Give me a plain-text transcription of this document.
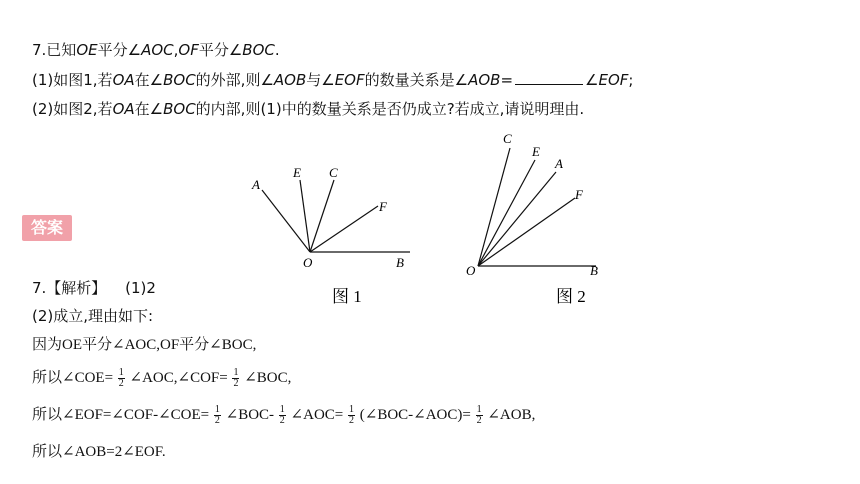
7.已知OE平分∠AOC,OF平分∠BOC.
(1)如图1,若OA在∠BOC的外部,则∠AOB与∠EOF的数量关系是∠AOB=	∠EOF;
(2)如图2,若OA在∠BOC的内部,则(1)中的数量关系是否仍成立?若成立,请说明理由.
答案
A
E C
F
O	B
图 1
C
E
A
F
O	B
图 2
7.【解析】 (1)2
(2)成立,理由如下:
因为OE平分∠AOC,OF平分∠BOC,
所以∠COE= $\frac{1}{2}$ ∠AOC,∠COF= $\frac{1}{2}$ ∠BOC,
所以∠EOF=∠COF-∠COE= $\frac{1}{2}$ ∠BOC- $\frac{1}{2}$ ∠AOC= $\frac{1}{2}$ (∠BOC-∠AOC)= $\frac{1}{2}$ ∠AOB,
所以∠AOB=2∠EOF.
